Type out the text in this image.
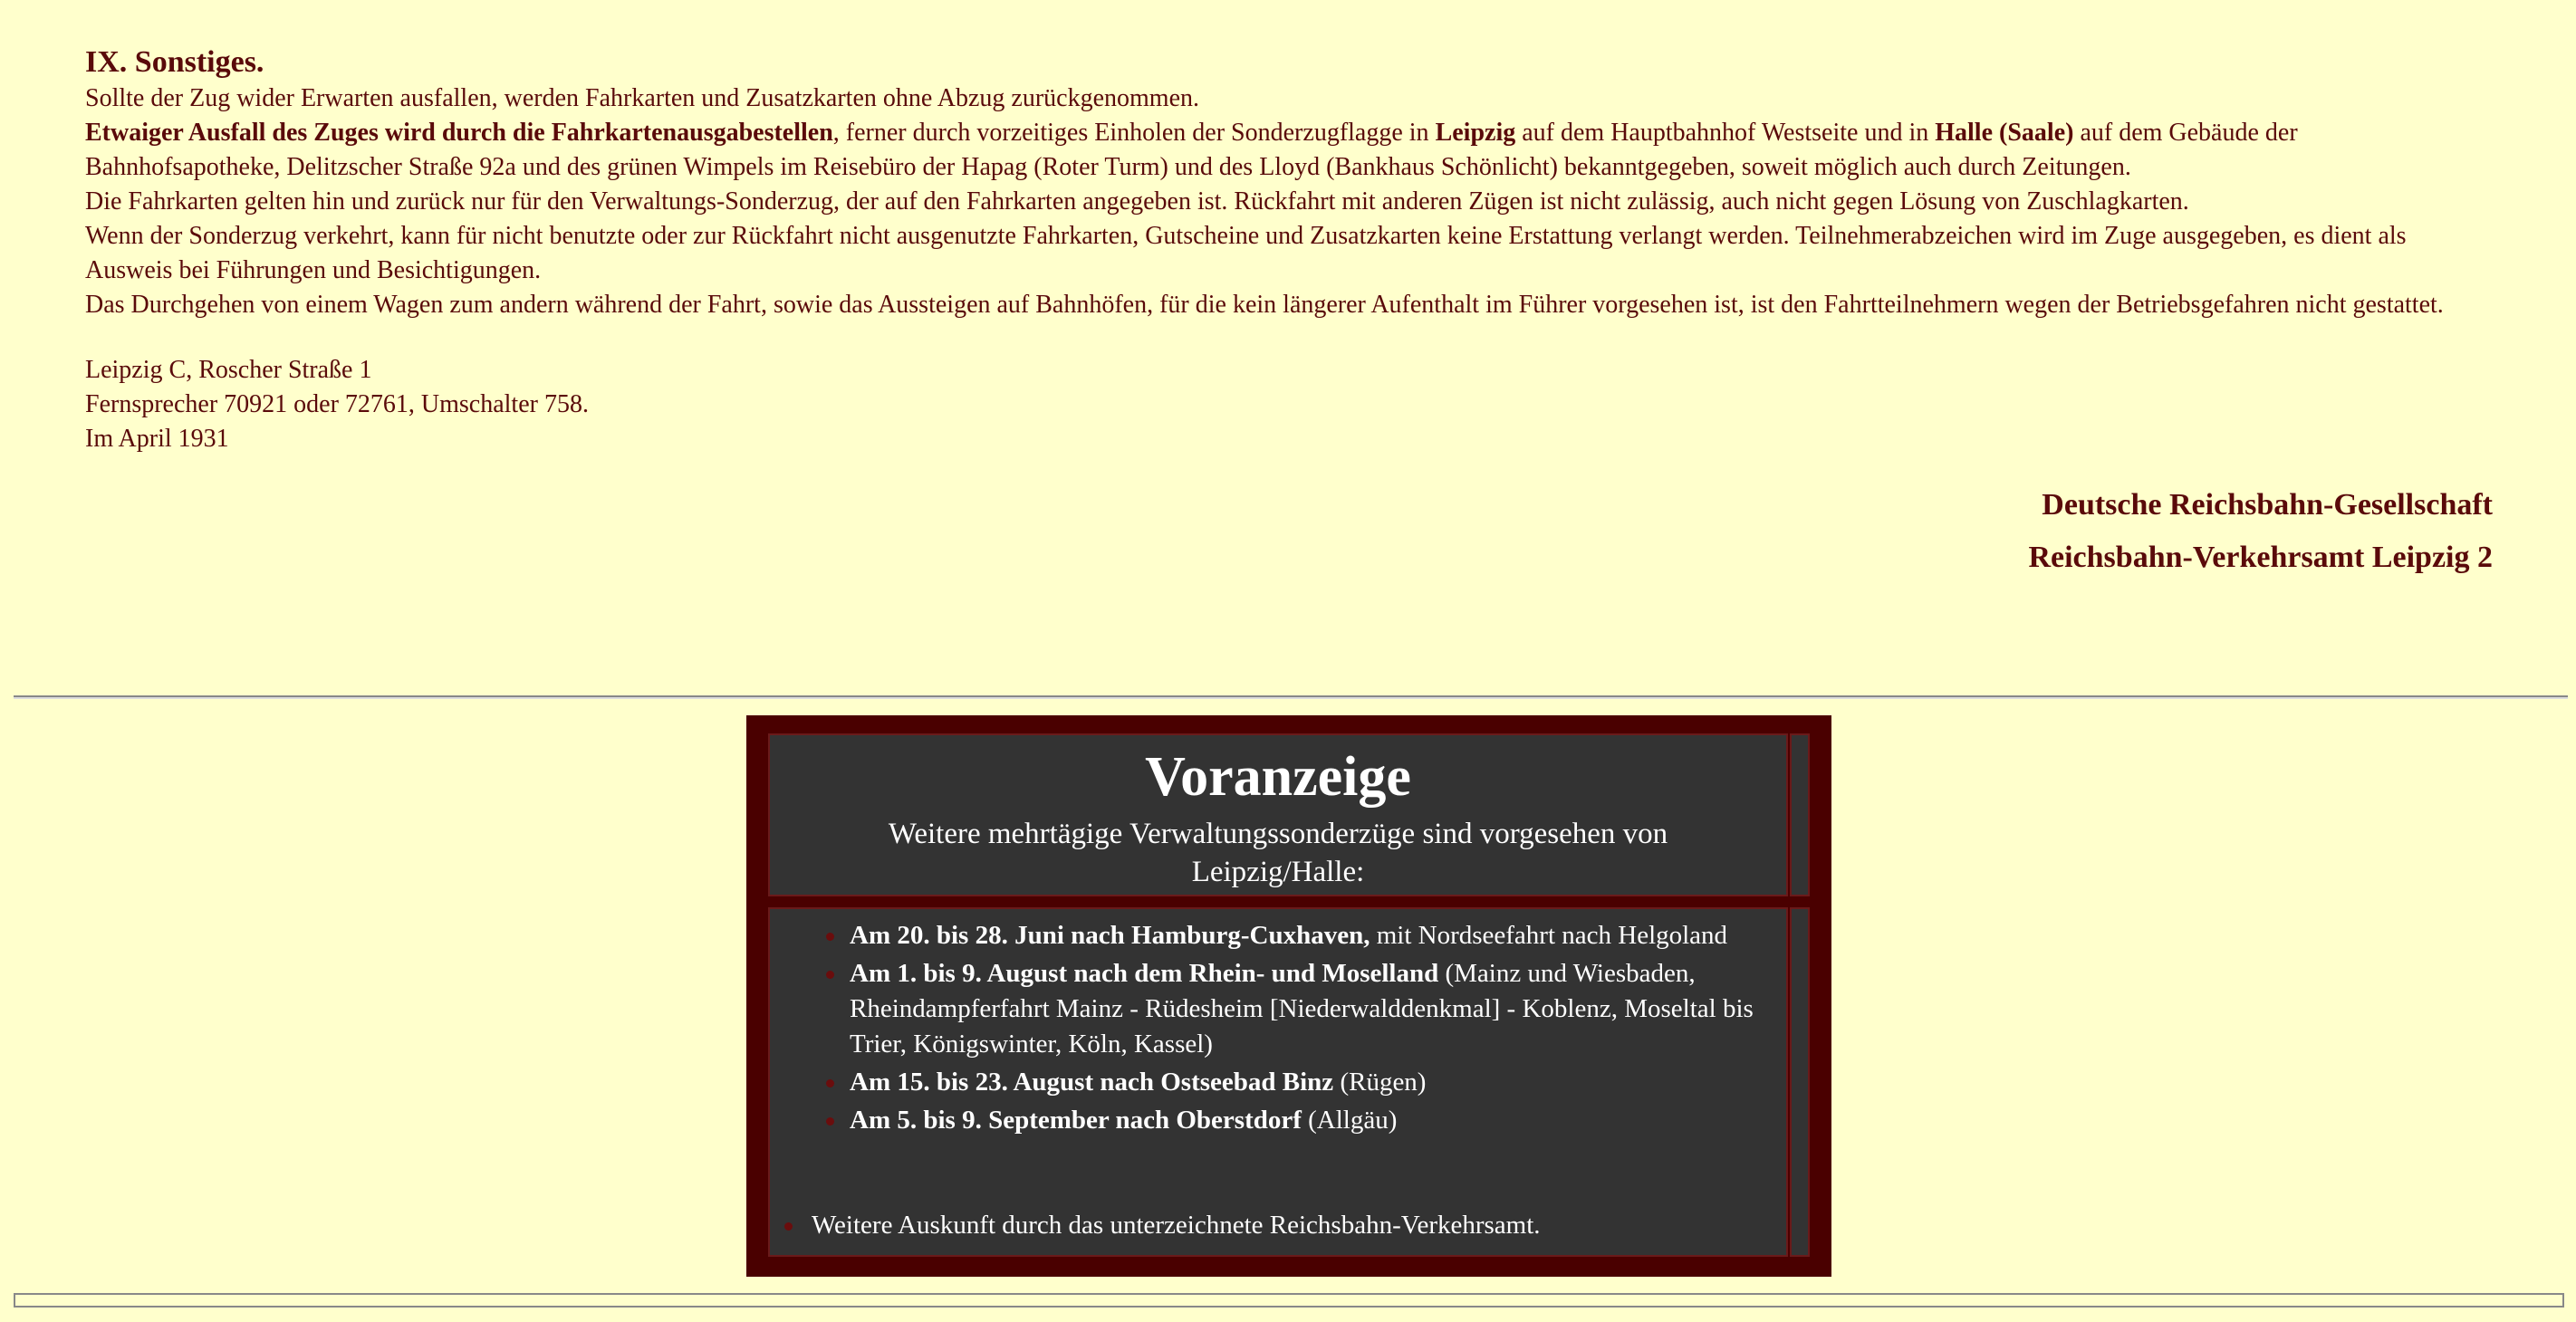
IX. Sonstiges.
Sollte der Zug wider Erwarten ausfallen, werden Fahrkarten und Zusatzkarten ohne Abzug zurückgenommen.
Etwaiger Ausfall des Zuges wird durch die Fahrkartenausgabestellen, ferner durch vorzeitiges Einholen der Sonderzugflagge in Leipzig auf dem Hauptbahnhof Westseite und in Halle (Saale) auf dem Gebäude der Bahnhofsapotheke, Delitzscher Straße 92a und des grünen Wimpels im Reisebüro der Hapag (Roter Turm) und des Lloyd (Bankhaus Schönlicht) bekanntgegeben, soweit möglich auch durch Zeitungen.
Die Fahrkarten gelten hin und zurück nur für den Verwaltungs-Sonderzug, der auf den Fahrkarten angegeben ist. Rückfahrt mit anderen Zügen ist nicht zulässig, auch nicht gegen Lösung von Zuschlagkarten.
Wenn der Sonderzug verkehrt, kann für nicht benutzte oder zur Rückfahrt nicht ausgenutzte Fahrkarten, Gutscheine und Zusatzkarten keine Erstattung verlangt werden. Teilnehmerabzeichen wird im Zuge ausgegeben, es dient als Ausweis bei Führungen und Besichtigungen.
Das Durchgehen von einem Wagen zum andern während der Fahrt, sowie das Aussteigen auf Bahnhöfen, für die kein längerer Aufenthalt im Führer vorgesehen ist, ist den Fahrtteilnehmern wegen der Betriebsgefahren nicht gestattet.
Leipzig C, Roscher Straße 1
Fernsprecher 70921 oder 72761, Umschalter 758.
Im April 1931
Deutsche Reichsbahn-Gesellschaft
Reichsbahn-Verkehrsamt Leipzig 2
Voranzeige
Weitere mehrtägige Verwaltungssonderzüge sind vorgesehen von Leipzig/Halle:
Am 20. bis 28. Juni nach Hamburg-Cuxhaven, mit Nordseefahrt nach Helgoland
Am 1. bis 9. August nach dem Rhein- und Moselland (Mainz und Wiesbaden, Rheindampferfahrt Mainz - Rüdesheim [Niederwalddenkmal] - Koblenz, Moseltal bis Trier, Königswinter, Köln, Kassel)
Am 15. bis 23. August nach Ostseebad Binz (Rügen)
Am 5. bis 9. September nach Oberstdorf (Allgäu)
Weitere Auskunft durch das unterzeichnete Reichsbahn-Verkehrsamt.
